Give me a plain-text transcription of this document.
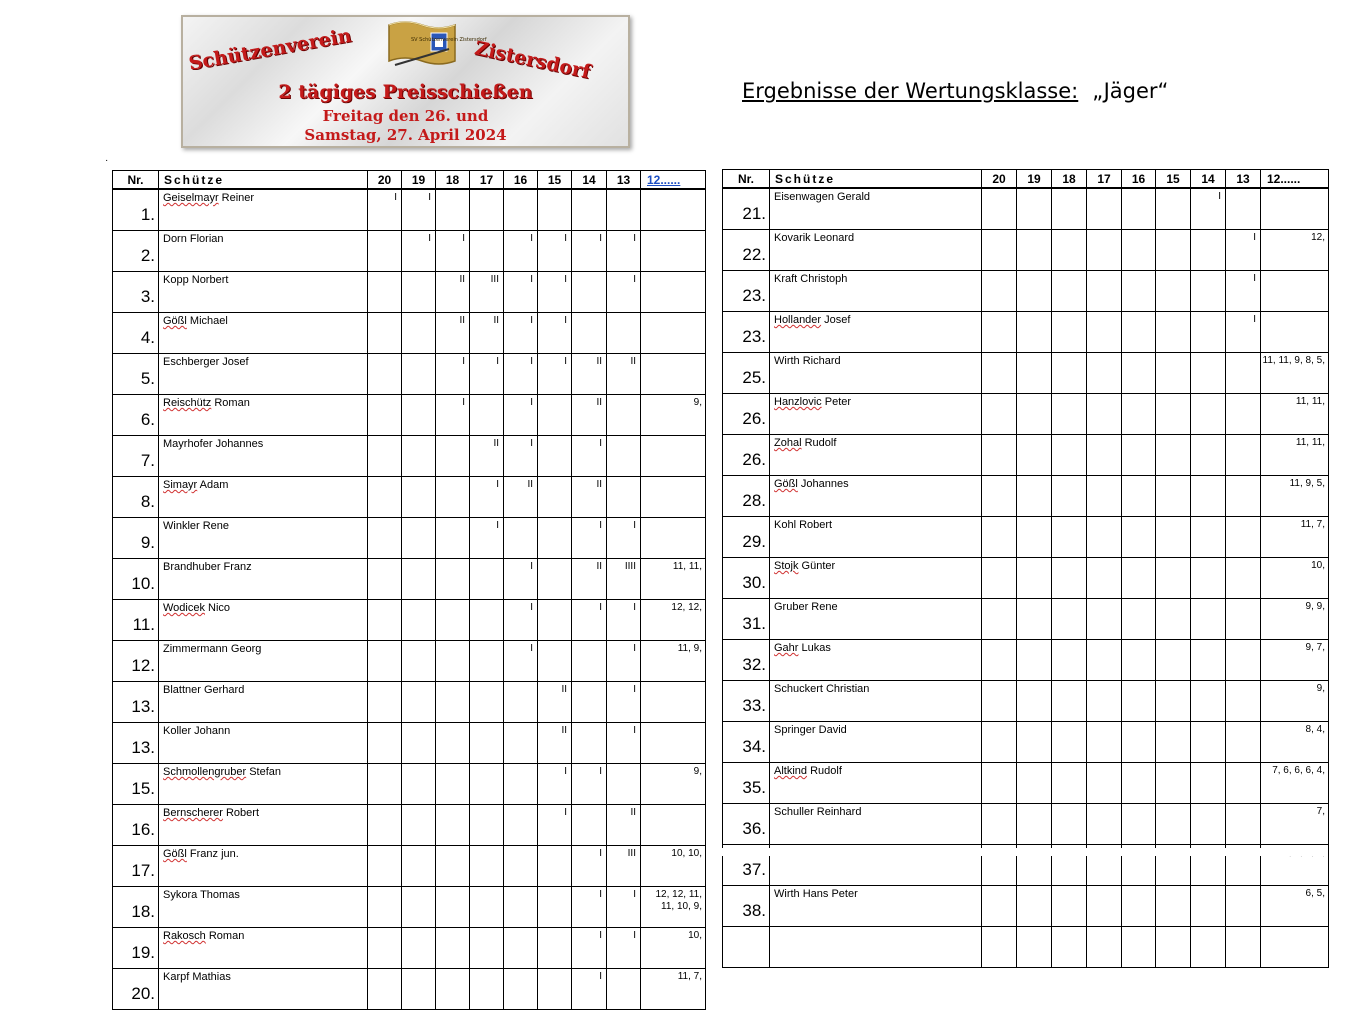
SV Schützenverein Zistersdorf
Schützenverein	Zistersdorf
2 tägiges Preisschießen
Freitag den 26. und
Samstag, 27. April 2024
Ergebnisse der Wertungsklasse: „Jäger“
·
Nr.	Schütze	20	19	18	17	16	15	14	13	12......
1.	Geiselmayr Reiner	I	I							
2.	Dorn Florian		I	I		I	I	I	I	
3.	Kopp Norbert			II	III	I	I		I	
4.	Gößl Michael			II	II	I	I			
5.	Eschberger Josef			I	I	I	I	II	II	
6.	Reischütz Roman			I		I		II		9,
7.	Mayrhofer Johannes				II	I		I		
8.	Simayr Adam				I	II		II		
9.	Winkler Rene				I			I	I	
10.	Brandhuber Franz					I		II	IIII	11, 11,
11.	Wodicek Nico					I		I	I	12, 12,
12.	Zimmermann Georg					I			I	11, 9,
13.	Blattner Gerhard						II		I	
13.	Koller Johann						II		I	
15.	Schmollengruber Stefan						I	I		9,
16.	Bernscherer Robert						I		II	
17.	Gößl Franz jun.							I	III	10, 10,
18.	Sykora Thomas							I	I	12, 12, 11, 11, 10, 9,
19.	Rakosch Roman							I	I	10,
20.	Karpf Mathias							I		11, 7,
Nr.	Schütze	20	19	18	17	16	15	14	13	12......
21.	Eisenwagen Gerald							I		
22.	Kovarik Leonard								I	12,
23.	Kraft Christoph								I	
23.	Hollander Josef								I	
25.	Wirth Richard									11, 11, 9, 8, 5,
26.	Hanzlovic Peter									11, 11,
26.	Zohal Rudolf									11, 11,
28.	Gößl Johannes									11, 9, 5,
29.	Kohl Robert									11, 7,
30.	Stojk Günter									10,
31.	Gruber Rene									9, 9,
32.	Gahr Lukas									9, 7,
33.	Schuckert Christian									9,
34.	Springer David									8, 4,
35.	Altkind Rudolf									7, 6, 6, 6, 4,
36.	Schuller Reinhard									7,
37.										
38.	Wirth Hans Peter									6, 5,
